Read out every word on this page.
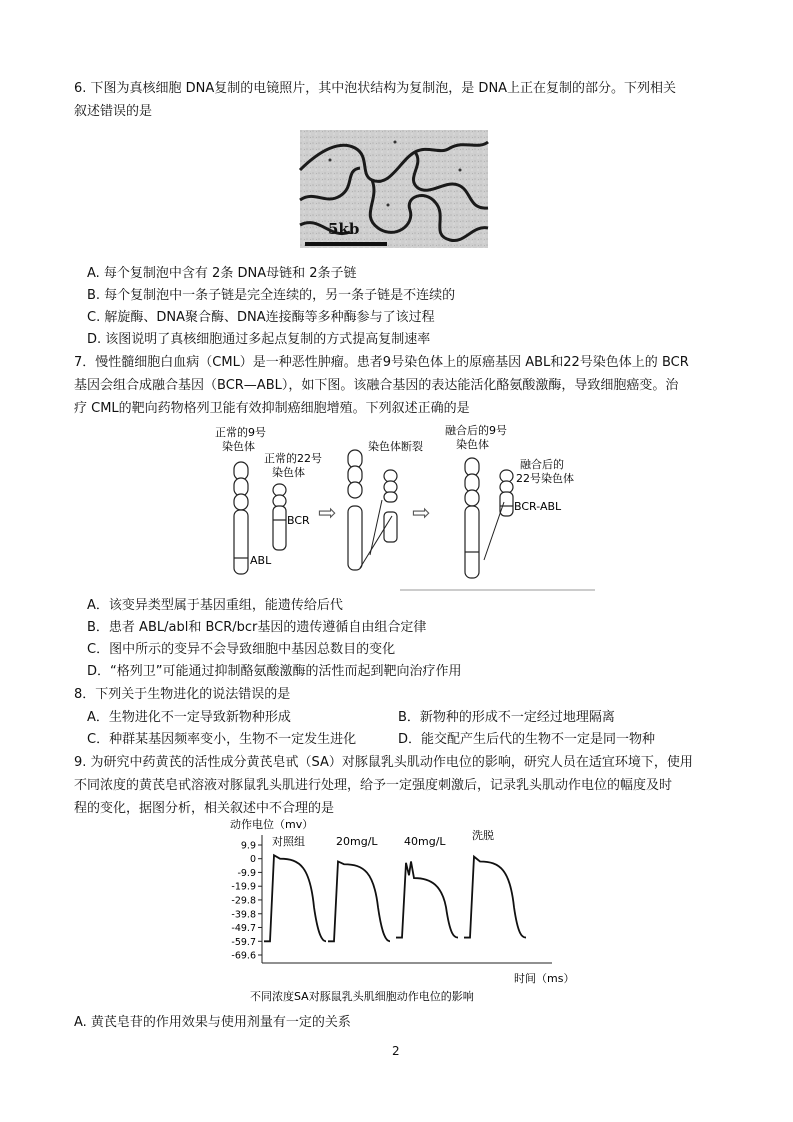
6. 下图为真核细胞 DNA复制的电镜照片，其中泡状结构为复制泡，是 DNA上正在复制的部分。下列相关
叙述错误的是
5kb
A. 每个复制泡中含有 2条 DNA母链和 2条子链
B. 每个复制泡中一条子链是完全连续的，另一条子链是不连续的
C. 解旋酶、DNA聚合酶、DNA连接酶等多种酶参与了该过程
D. 该图说明了真核细胞通过多起点复制的方式提高复制速率
7．慢性髓细胞白血病（CML）是一种恶性肿瘤。患者9号染色体上的原癌基因 ABL和22号染色体上的 BCR
基因会组合成融合基因（BCR—ABL），如下图。该融合基因的表达能活化酪氨酸激酶，导致细胞癌变。治
疗 CML的靶向药物格列卫能有效抑制癌细胞增殖。下列叙述正确的是
正常的9号
染色体
ABL
正常的22号
染色体
BCR ⇨
染色体断裂
⇨
融合后的9号
染色体
融合后的
22号染色体
BCR-ABL
A．该变异类型属于基因重组，能遗传给后代
B．患者 ABL/abl和 BCR/bcr基因的遗传遵循自由组合定律
C．图中所示的变异不会导致细胞中基因总数目的变化
D．“格列卫”可能通过抑制酪氨酸激酶的活性而起到靶向治疗作用
8．下列关于生物进化的说法错误的是
A．生物进化不一定导致新物种形成	B．新物种的形成不一定经过地理隔离
C．种群某基因频率变小，生物不一定发生进化	D．能交配产生后代的生物不一定是同一物种
9. 为研究中药黄芪的活性成分黄芪皂甙（SA）对豚鼠乳头肌动作电位的影响，研究人员在适宜环境下，使用
不同浓度的黄芪皂甙溶液对豚鼠乳头肌进行处理，给予一定强度刺激后，记录乳头肌动作电位的幅度及时
程的变化，据图分析，相关叙述中不合理的是
动作电位（mv）
时间（ms）
不同浓度SA对豚鼠乳头肌细胞动作电位的影响
9.9
0
-9.9
-19.9
-29.8
-39.8
-49.7
-59.7
-69.6
对照组	20mg/L 40mg/L 洗脱
A. 黄芪皂苷的作用效果与使用剂量有一定的关系
2
